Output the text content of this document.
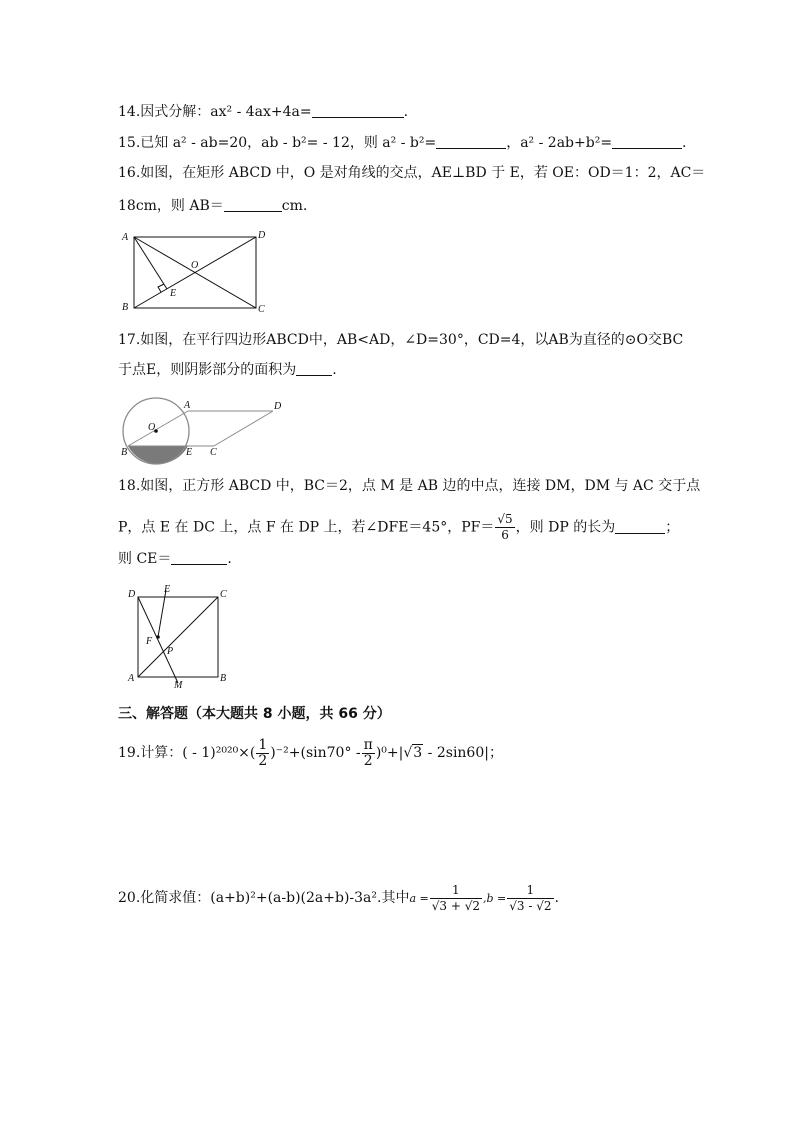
14.因式分解：ax² - 4ax+4a=	.
15.已知 a² - ab=20，ab - b²= - 12，则 a² - b²=	，a² - 2ab+b²=	.
16.如图，在矩形 ABCD 中，O 是对角线的交点，AE⊥BD 于 E，若 OE：OD＝1：2，AC＝
18cm，则 AB＝	cm.
A
B	C
D
O
E
17.如图，在平行四边形ABCD中，AB<AD，∠D=30°，CD=4，以AB为直径的⊙O交BC
于点E，则阴影部分的面积为	.
A
B	C
D
E
O
18.如图，正方形 ABCD 中，BC＝2，点 M 是 AB 边的中点，连接 DM，DM 与 AC 交于点
P，点 E 在 DC 上，点 F 在 DP 上，若∠DFE＝45°，$PF= \frac{√5}{6}$ ，则 DP 的长为	；
则 CE＝	.
D	C
A	B
E
F
P
M
三、解答题（本大题共 8 小题，共 66 分）
19.计算：( - $1)^{2020}\times( \frac{1}{2} )^{-2}+(\sin 70^\circ - \frac{\pi}{2} )^0+|√3 - 2\sin 60|$；
20.化简求值：(a+b)²+(a-b)(2a+b)-3a².其中$a = \frac{1}{√3 + √2} ,b = \frac{1}{√3 - √2}$ .
